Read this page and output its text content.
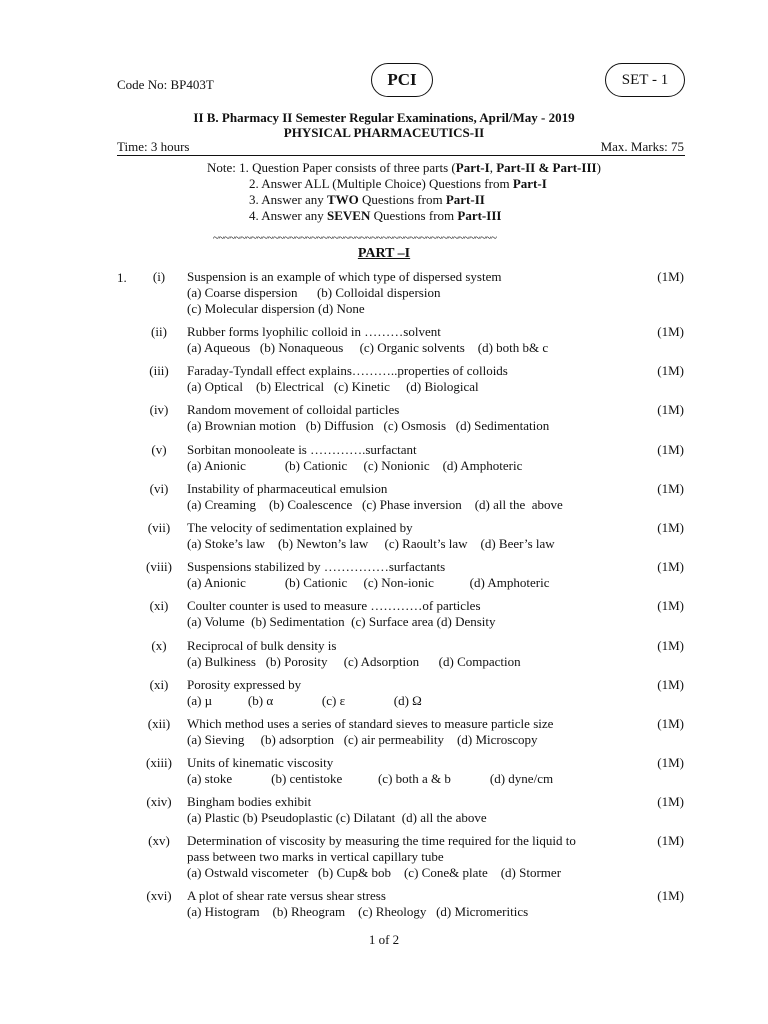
Code No: BP403T	PCI	SET - 1
II B. Pharmacy II Semester Regular Examinations, April/May - 2019
PHYSICAL PHARMACEUTICS-II
Time: 3 hours	Max. Marks: 75
Note: 1. Question Paper consists of three parts (Part-I, Part-II & Part-III)
2. Answer ALL (Multiple Choice) Questions from Part-I
3. Answer any TWO Questions from Part-II
4. Answer any SEVEN Questions from Part-III
~~~~~~~~~~~~~~~~~~~~~~~~~~~~~~~~~~~~~~~~~~~~~~~~~~~~
PART –I
1.	(i)	Suspension is an example of which type of dispersed system
(a) Coarse dispersion      (b) Colloidal dispersion
(c) Molecular dispersion (d) None
(1M)
(ii)	Rubber forms lyophilic colloid in ………solvent
(a) Aqueous   (b) Nonaqueous     (c) Organic solvents    (d) both b& c
(1M)
(iii)	Faraday-Tyndall effect explains………..properties of colloids
(a) Optical    (b) Electrical   (c) Kinetic     (d) Biological
(1M)
(iv)	Random movement of colloidal particles
(a) Brownian motion   (b) Diffusion   (c) Osmosis   (d) Sedimentation
(1M)
(v)	Sorbitan monooleate is ………….surfactant
(a) Anionic            (b) Cationic     (c) Nonionic    (d) Amphoteric
(1M)
(vi)	Instability of pharmaceutical emulsion
(a) Creaming    (b) Coalescence   (c) Phase inversion    (d) all the  above
(1M)
(vii)	The velocity of sedimentation explained by
(a) Stoke’s law    (b) Newton’s law     (c) Raoult’s law    (d) Beer’s law
(1M)
(viii)	Suspensions stabilized by ……………surfactants
(a) Anionic            (b) Cationic     (c) Non-ionic           (d) Amphoteric
(1M)
(xi)	Coulter counter is used to measure …………of particles
(a) Volume  (b) Sedimentation  (c) Surface area (d) Density
(1M)
(x)	Reciprocal of bulk density is
(a) Bulkiness   (b) Porosity     (c) Adsorption      (d) Compaction
(1M)
(xi)	Porosity expressed by
(a) µ           (b) α               (c) ε               (d) Ω
(1M)
(xii)	Which method uses a series of standard sieves to measure particle size
(a) Sieving     (b) adsorption   (c) air permeability    (d) Microscopy
(1M)
(xiii)	Units of kinematic viscosity
(a) stoke            (b) centistoke           (c) both a & b            (d) dyne/cm
(1M)
(xiv)	Bingham bodies exhibit
(a) Plastic (b) Pseudoplastic (c) Dilatant  (d) all the above
(1M)
(xv)	Determination of viscosity by measuring the time required for the liquid to
pass between two marks in vertical capillary tube
(a) Ostwald viscometer   (b) Cup& bob    (c) Cone& plate    (d) Stormer
(1M)
(xvi)	A plot of shear rate versus shear stress
(a) Histogram    (b) Rheogram    (c) Rheology   (d) Micromeritics
(1M)
1 of 2
